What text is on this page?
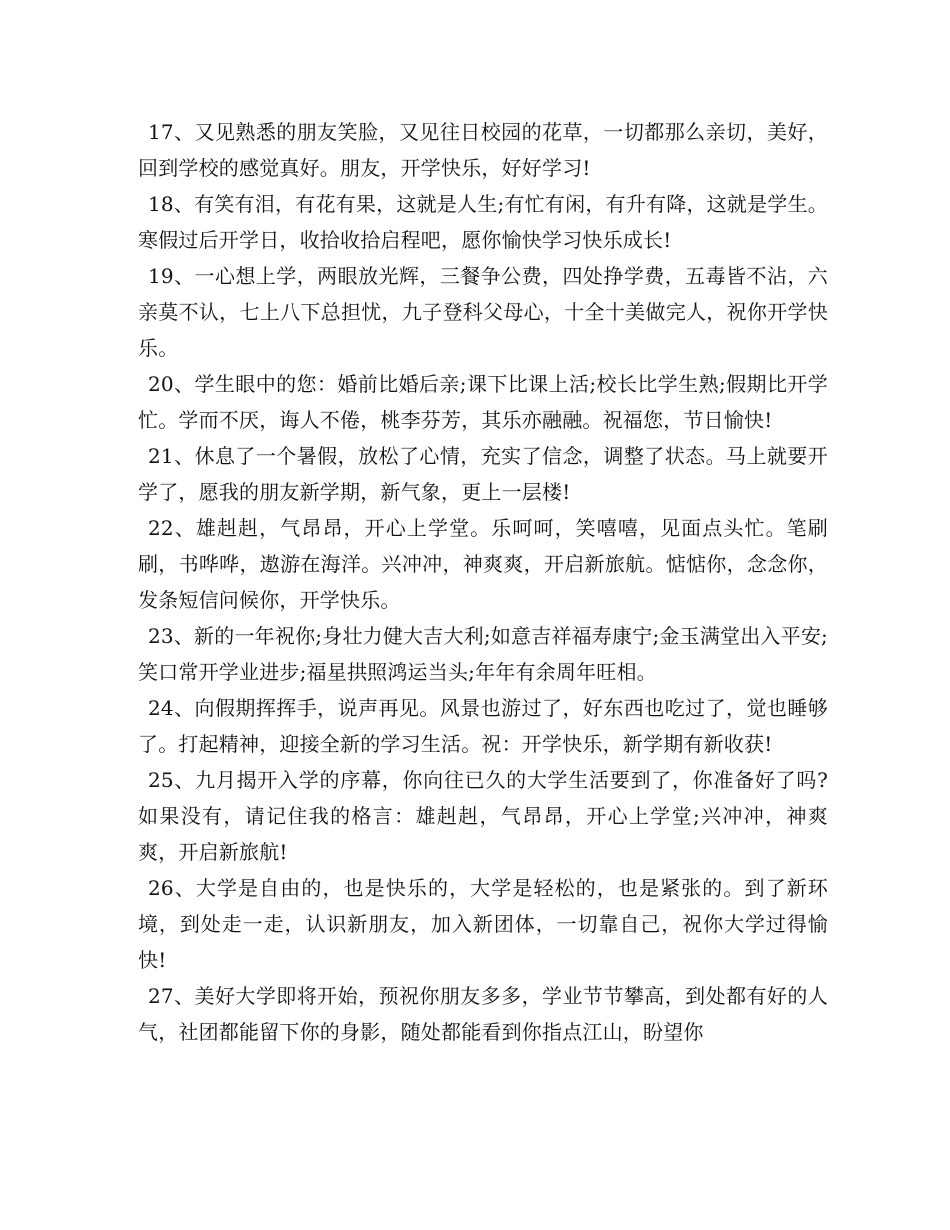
17、又见熟悉的朋友笑脸，又见往日校园的花草，一切都那么亲切，美好，回到学校的感觉真好。朋友，开学快乐，好好学习!

18、有笑有泪，有花有果，这就是人生;有忙有闲，有升有降，这就是学生。寒假过后开学日，收拾收拾启程吧，愿你愉快学习快乐成长!

19、一心想上学，两眼放光辉，三餐争公费，四处挣学费，五毒皆不沾，六亲莫不认，七上八下总担忧，九子登科父母心，十全十美做完人，祝你开学快乐。

20、学生眼中的您：婚前比婚后亲;课下比课上活;校长比学生熟;假期比开学忙。学而不厌，诲人不倦，桃李芬芳，其乐亦融融。祝福您，节日愉快!

21、休息了一个暑假，放松了心情，充实了信念，调整了状态。马上就要开学了，愿我的朋友新学期，新气象，更上一层楼!

22、雄赳赳，气昂昂，开心上学堂。乐呵呵，笑嘻嘻，见面点头忙。笔刷刷，书哗哗，遨游在海洋。兴冲冲，神爽爽，开启新旅航。惦惦你，念念你，发条短信问候你，开学快乐。

23、新的一年祝你;身壮力健大吉大利;如意吉祥福寿康宁;金玉满堂出入平安;笑口常开学业进步;福星拱照鸿运当头;年年有余周年旺相。

24、向假期挥挥手，说声再见。风景也游过了，好东西也吃过了，觉也睡够了。打起精神，迎接全新的学习生活。祝：开学快乐，新学期有新收获!

25、九月揭开入学的序幕，你向往已久的大学生活要到了，你准备好了吗?如果没有，请记住我的格言：雄赳赳，气昂昂，开心上学堂;兴冲冲，神爽爽，开启新旅航!

26、大学是自由的，也是快乐的，大学是轻松的，也是紧张的。到了新环境，到处走一走，认识新朋友，加入新团体，一切靠自己，祝你大学过得愉快!

27、美好大学即将开始，预祝你朋友多多，学业节节攀高，到处都有好的人气，社团都能留下你的身影，随处都能看到你指点江山，盼望你
